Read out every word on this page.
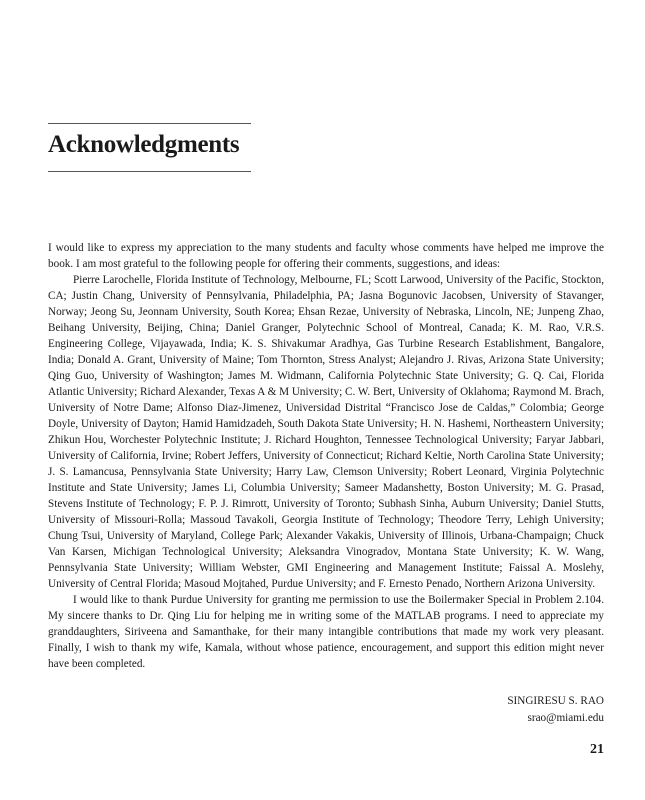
Acknowledgments

I would like to express my appreciation to the many students and faculty whose comments have helped me improve the book. I am most grateful to the following people for offering their comments, suggestions, and ideas:

Pierre Larochelle, Florida Institute of Technology, Melbourne, FL; Scott Larwood, University of the Pacific, Stockton, CA; Justin Chang, University of Pennsylvania, Philadelphia, PA; Jasna Bogunovic Jacobsen, University of Stavanger, Norway; Jeong Su, Jeonnam University, South Korea; Ehsan Rezae, University of Nebraska, Lincoln, NE; Junpeng Zhao, Beihang University, Beijing, China; Daniel Granger, Polytechnic School of Montreal, Canada; K. M. Rao, V.R.S. Engineering College, Vijayawada, India; K. S. Shivakumar Aradhya, Gas Turbine Research Establishment, Bangalore, India; Donald A. Grant, University of Maine; Tom Thornton, Stress Analyst; Alejandro J. Rivas, Arizona State University; Qing Guo, University of Washington; James M. Widmann, California Polytechnic State University; G. Q. Cai, Florida Atlantic University; Richard Alexander, Texas A & M University; C. W. Bert, University of Oklahoma; Raymond M. Brach, University of Notre Dame; Alfonso Diaz-Jimenez, Universidad Distrital “Francisco Jose de Caldas,” Colombia; George Doyle, University of Dayton; Hamid Hamidzadeh, South Dakota State University; H. N. Hashemi, Northeastern University; Zhikun Hou, Worchester Polytechnic Institute; J. Richard Houghton, Tennessee Technological University; Faryar Jabbari, University of California, Irvine; Robert Jeffers, University of Connecticut; Richard Keltie, North Carolina State University; J. S. Lamancusa, Pennsylvania State University; Harry Law, Clemson University; Robert Leonard, Virginia Polytechnic Institute and State University; James Li, Columbia University; Sameer Madanshetty, Boston University; M. G. Prasad, Stevens Institute of Technology; F. P. J. Rimrott, University of Toronto; Subhash Sinha, Auburn University; Daniel Stutts, University of Missouri-Rolla; Massoud Tavakoli, Georgia Institute of Technology; Theodore Terry, Lehigh University; Chung Tsui, University of Maryland, College Park; Alexander Vakakis, University of Illinois, Urbana-Champaign; Chuck Van Karsen, Michigan Technological University; Aleksandra Vinogradov, Montana State University; K. W. Wang, Pennsylvania State University; William Webster, GMI Engineering and Management Institute; Faissal A. Moslehy, University of Central Florida; Masoud Mojtahed, Purdue University; and F. Ernesto Penado, Northern Arizona University.

I would like to thank Purdue University for granting me permission to use the Boilermaker Special in Problem 2.104. My sincere thanks to Dr. Qing Liu for helping me in writing some of the MATLAB programs. I need to appreciate my granddaughters, Siriveena and Samanthake, for their many intangible contributions that made my work very pleasant. Finally, I wish to thank my wife, Kamala, without whose patience, encouragement, and support this edition might never have been completed.

SINGIRESU S. RAO
srao@miami.edu
21
